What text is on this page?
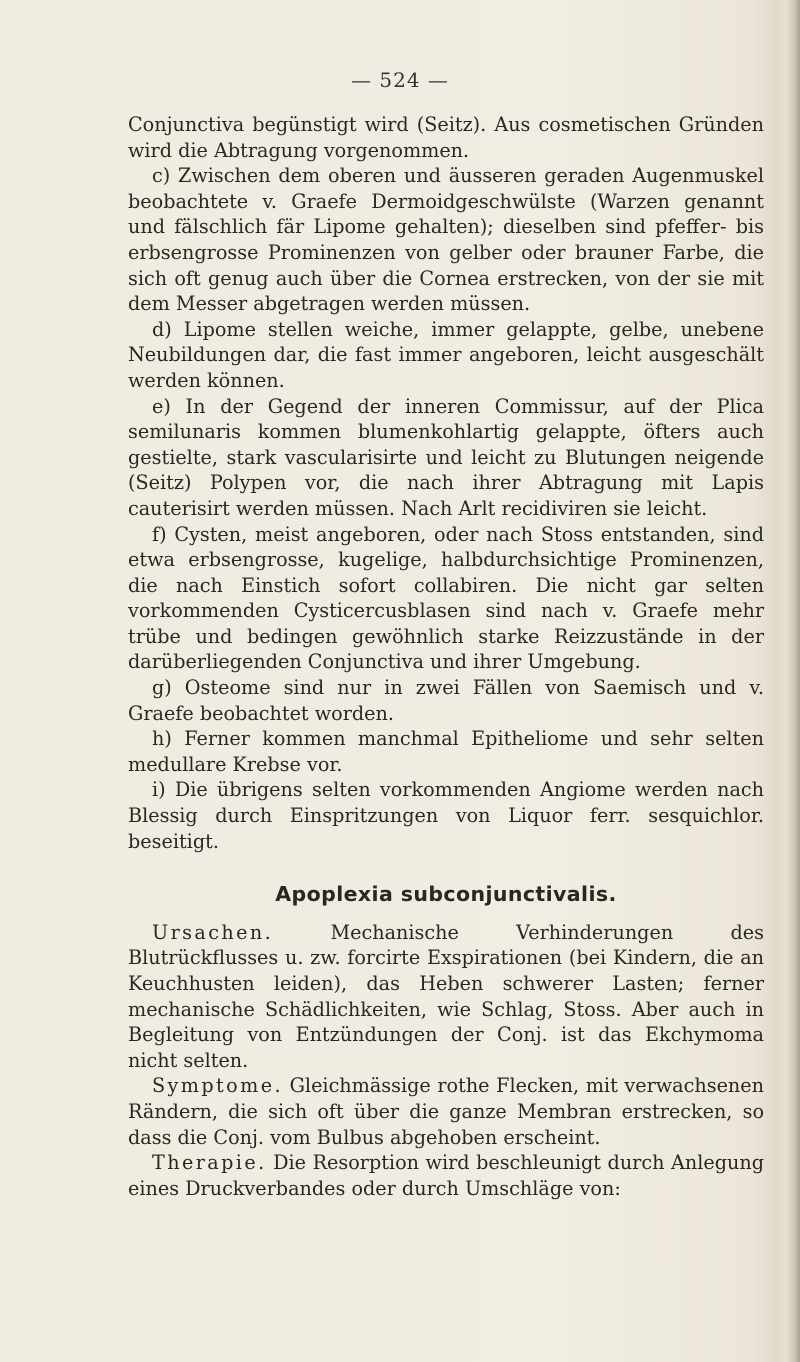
— 524 —

Conjunctiva begünstigt wird (Seitz). Aus cosmetischen Gründen wird die Abtragung vorgenommen.

c) Zwischen dem oberen und äusseren geraden Augenmuskel beobachtete v. Graefe Dermoidgeschwülste (Warzen genannt und fälschlich fär Lipome gehalten); dieselben sind pfeffer- bis erbsengrosse Prominenzen von gelber oder brauner Farbe, die sich oft genug auch über die Cornea erstrecken, von der sie mit dem Messer abgetragen werden müssen.

d) Lipome stellen weiche, immer gelappte, gelbe, unebene Neubildungen dar, die fast immer angeboren, leicht ausgeschält werden können.

e) In der Gegend der inneren Commissur, auf der Plica semilunaris kommen blumenkohlartig gelappte, öfters auch gestielte, stark vascularisirte und leicht zu Blutungen neigende (Seitz) Polypen vor, die nach ihrer Abtragung mit Lapis cauterisirt werden müssen. Nach Arlt recidiviren sie leicht.

f) Cysten, meist angeboren, oder nach Stoss entstanden, sind etwa erbsengrosse, kugelige, halbdurchsichtige Prominenzen, die nach Einstich sofort collabiren. Die nicht gar selten vorkommenden Cysticercusblasen sind nach v. Graefe mehr trübe und bedingen gewöhnlich starke Reizzustände in der darüberliegenden Conjunctiva und ihrer Umgebung.

g) Osteome sind nur in zwei Fällen von Saemisch und v. Graefe beobachtet worden.

h) Ferner kommen manchmal Epitheliome und sehr selten medullare Krebse vor.

i) Die übrigens selten vorkommenden Angiome werden nach Blessig durch Einspritzungen von Liquor ferr. sesquichlor. beseitigt.

Apoplexia subconjunctivalis.

Ursachen.	Mechanische Verhinderungen des Blutrückflusses u. zw. forcirte Exspirationen (bei Kindern, die an Keuchhusten leiden), das Heben schwerer Lasten; ferner mechanische Schädlichkeiten, wie Schlag, Stoss. Aber auch in Begleitung von Entzündungen der Conj. ist das Ekchymoma nicht selten.

Symptome. Gleichmässige rothe Flecken, mit verwachsenen Rändern, die sich oft über die ganze Membran erstrecken, so dass die Conj. vom Bulbus abgehoben erscheint.

Therapie. Die Resorption wird beschleunigt durch Anlegung eines Druckverbandes oder durch Umschläge von:
